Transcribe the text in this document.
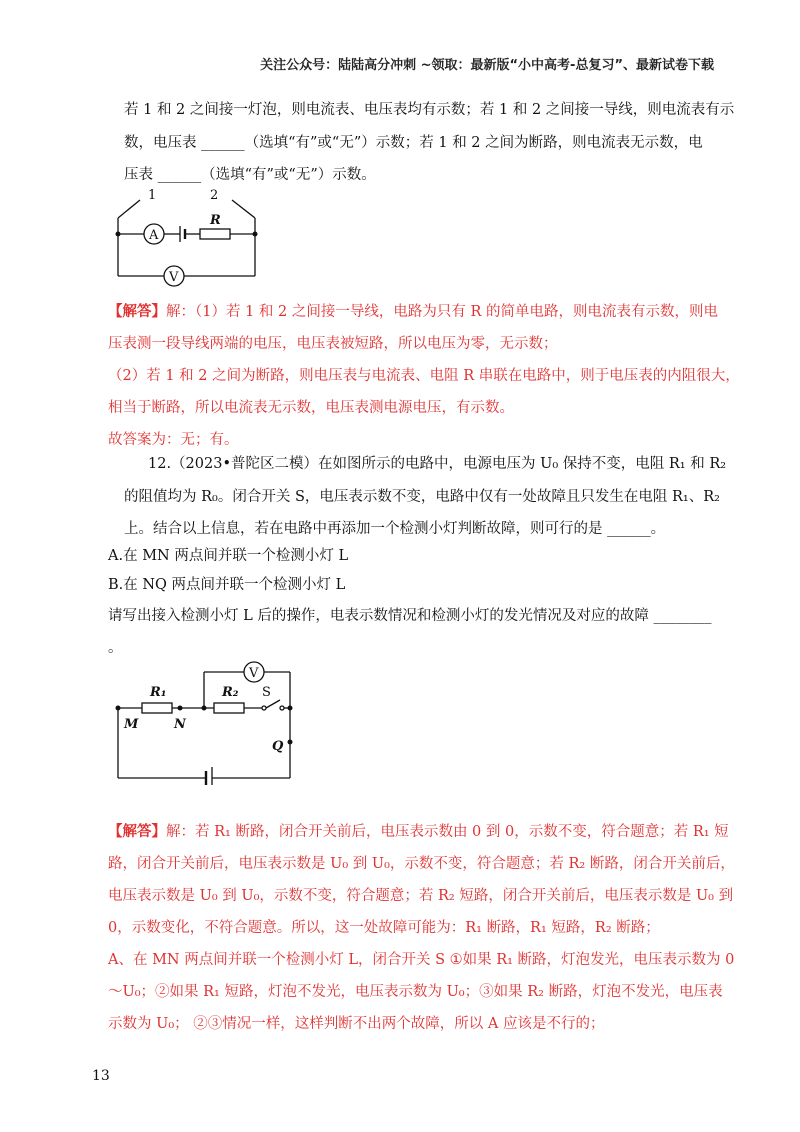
关注公众号：陆陆高分冲刺 ~领取：最新版“小中高考-总复习”、最新试卷下载
若 1 和 2 之间接一灯泡，则电流表、电压表均有示数；若 1 和 2 之间接一导线，则电流表有示
数，电压表 ______（选填“有”或“无”）示数；若 1 和 2 之间为断路，则电流表无示数，电
压表 ______（选填“有”或“无”）示数。
1	2
A
R
V
【解答】解：（1）若 1 和 2 之间接一导线，电路为只有 R 的简单电路，则电流表有示数，则电
压表测一段导线两端的电压，电压表被短路，所以电压为零，无示数；
（2）若 1 和 2 之间为断路，则电压表与电流表、电阻 R 串联在电路中，则于电压表的内阻很大，
相当于断路，所以电流表无示数，电压表测电源电压，有示数。
故答案为：无；有。
12.（2023•普陀区二模）在如图所示的电路中，电源电压为 U₀ 保持不变，电阻 R₁ 和 R₂
的阻值均为 R₀。闭合开关 S，电压表示数不变，电路中仅有一处故障且只发生在电阻 R₁、R₂
上。结合以上信息，若在电路中再添加一个检测小灯判断故障，则可行的是 ______。
A.在 MN 两点间并联一个检测小灯 L
B.在 NQ 两点间并联一个检测小灯 L
请写出接入检测小灯 L 后的操作，电表示数情况和检测小灯的发光情况及对应的故障 ________
。
V
R₁	R₂ S
Q
M	N
【解答】解：若 R₁ 断路，闭合开关前后，电压表示数由 0 到 0，示数不变，符合题意；若 R₁ 短
路，闭合开关前后，电压表示数是 U₀ 到 U₀，示数不变，符合题意；若 R₂ 断路，闭合开关前后，
电压表示数是 U₀ 到 U₀，示数不变，符合题意；若 R₂ 短路，闭合开关前后，电压表示数是 U₀ 到
0，示数变化，不符合题意。所以，这一处故障可能为：R₁ 断路，R₁ 短路，R₂ 断路；
A、在 MN 两点间并联一个检测小灯 L，闭合开关 S ①如果 R₁ 断路，灯泡发光，电压表示数为 0
～U₀；②如果 R₁ 短路，灯泡不发光，电压表示数为 U₀；③如果 R₂ 断路，灯泡不发光，电压表
示数为 U₀； ②③情况一样，这样判断不出两个故障，所以 A 应该是不行的；
13
